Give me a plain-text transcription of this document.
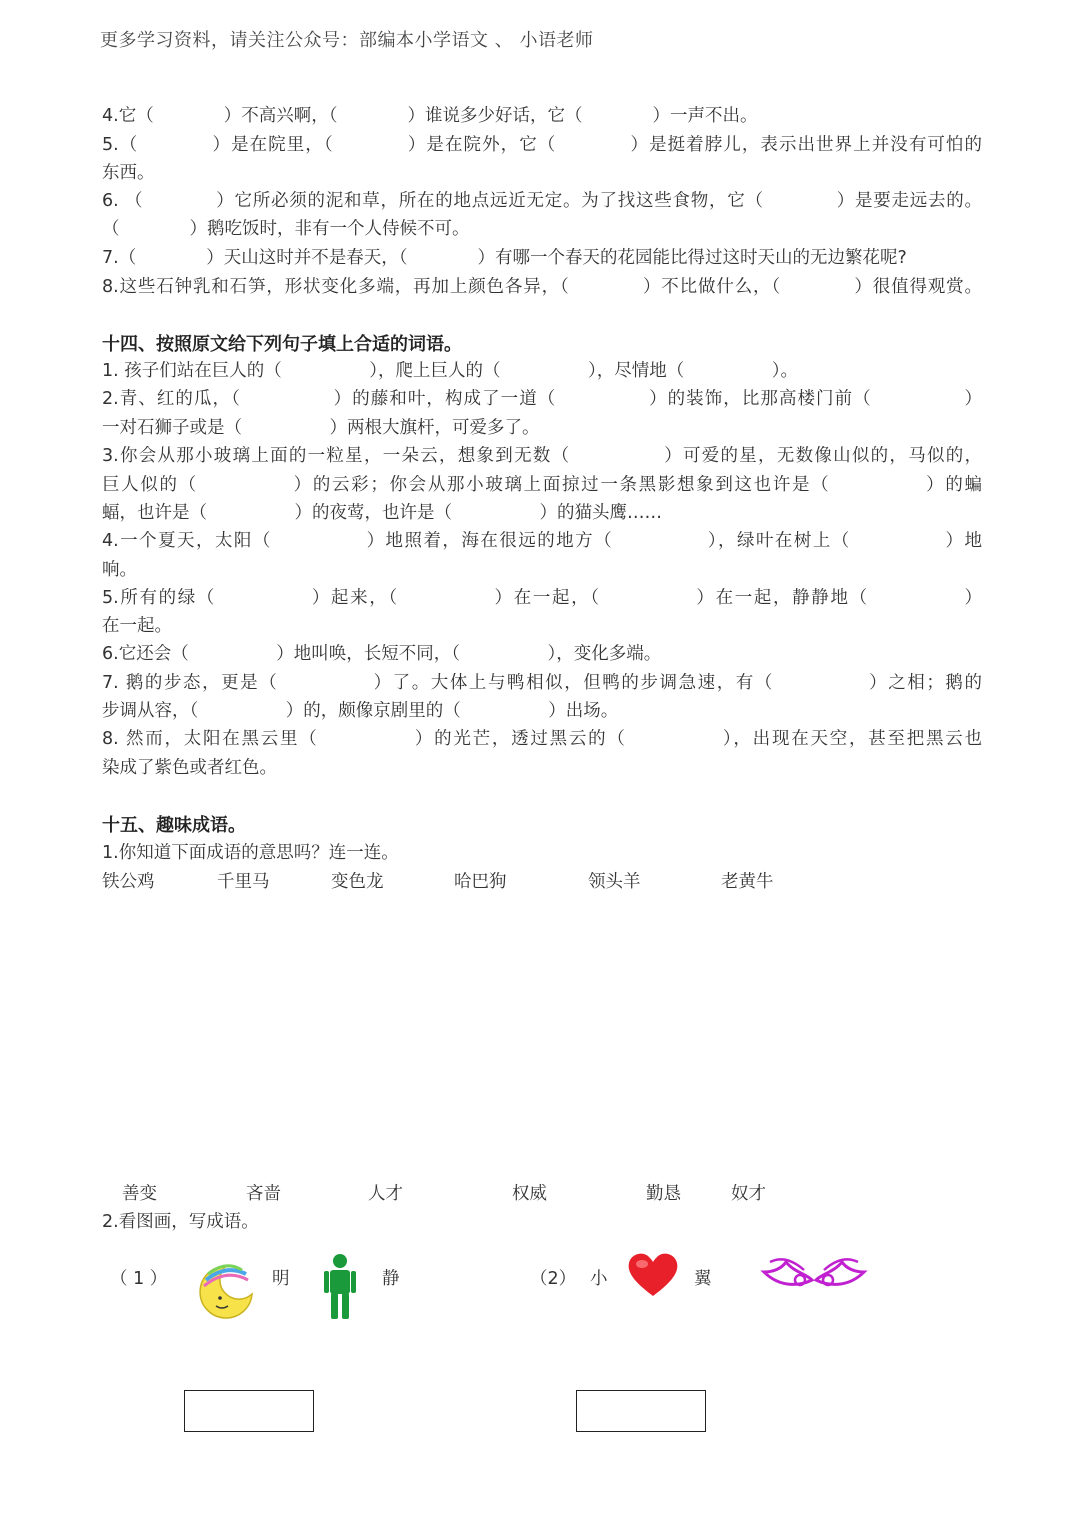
更多学习资料，请关注公众号：部编本小学语文 、 小语老师
4.它（　　　　）不高兴啊，（　　　　）谁说多少好话，它（　　　　）一声不出。
5.（　　　　）是在院里，（　　　　）是在院外，它（　　　　）是挺着脖儿，表示出世界上并没有可怕的
东西。
6. （　　　　）它所必须的泥和草，所在的地点远近无定。为了找这些食物，它（　　　　）是要走远去的。
（　　　　）鹅吃饭时，非有一个人侍候不可。
7.（　　　　）天山这时并不是春天，（　　　　）有哪一个春天的花园能比得过这时天山的无边繁花呢?
8.这些石钟乳和石笋，形状变化多端，再加上颜色各异，（　　　　）不比做什么，（　　　　）很值得观赏。
十四、按照原文给下列句子填上合适的词语。
1. 孩子们站在巨人的（　　　　　），爬上巨人的（　　　　　），尽情地（　　　　　）。
2.青、红的瓜，（　　　　　）的藤和叶，构成了一道（　　　　　）的装饰，比那高楼门前（　　　　　）
一对石狮子或是（　　　　　）两根大旗杆，可爱多了。
3.你会从那小玻璃上面的一粒星，一朵云，想象到无数（　　　　　）可爱的星，无数像山似的，马似的，
巨人似的（　　　　　）的云彩；你会从那小玻璃上面掠过一条黑影想象到这也许是（　　　　　）的蝙
蝠，也许是（　　　　　）的夜莺，也许是（　　　　　）的猫头鹰……
4.一个夏天，太阳（　　　　　）地照着，海在很远的地方（　　　　　），绿叶在树上（　　　　　）地
响。
5.所有的绿（　　　　　）起来，（　　　　　）在一起，（　　　　　）在一起，静静地（　　　　　）
在一起。
6.它还会（　　　　　）地叫唤，长短不同，（　　　　　），变化多端。
7. 鹅的步态，更是（　　　　　）了。大体上与鸭相似，但鸭的步调急速，有（　　　　　）之相；鹅的
步调从容，（　　　　　）的，颇像京剧里的（　　　　　）出场。
8. 然而，太阳在黑云里（　　　　　）的光芒，透过黑云的（　　　　　），出现在天空，甚至把黑云也
染成了紫色或者红色。
十五、趣味成语。
1.你知道下面成语的意思吗？连一连。
铁公鸡	千里马	变色龙	哈巴狗	领头羊	老黄牛
善变	吝啬	人才	权威	勤恳	奴才
2.看图画，写成语。
（ 1 ）	明	静	（2） 小	翼
